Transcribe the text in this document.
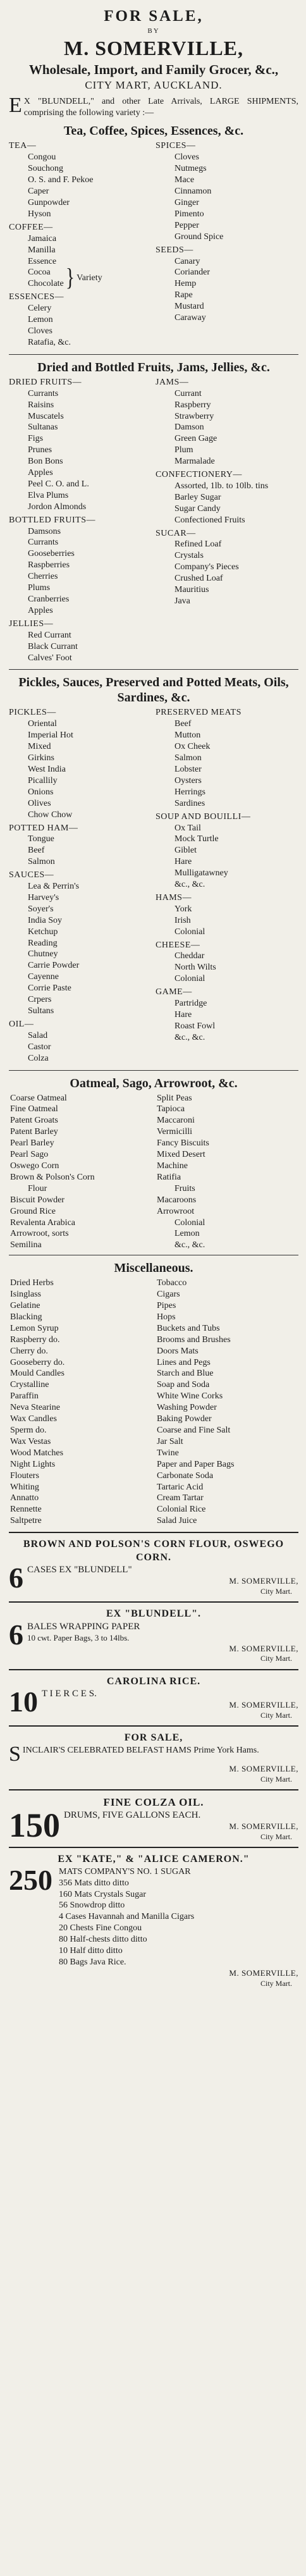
FOR SALE,
BY
M. SOMERVILLE,
Wholesale, Import, and Family Grocer, &c.,
CITY MART, AUCKLAND.
E X "BLUNDELL," and other Late Arrivals, LARGE SHIPMENTS, comprising the following variety :—
Tea, Coffee, Spices, Essences, &c.
TEA—
Congou
Souchong
O. S. and F. Pekoe
Caper
Gunpowder
Hyson
COFFEE—
Jamaica
Manilla
Essence
Cocoa
Chocolate } Variety
ESSENCES—
Celery
Lemon
Cloves
Ratafia, &c.
SPICES—
Cloves
Nutmegs
Mace
Cinnamon
Ginger
Pimento
Pepper
Ground Spice
SEEDS—
Canary
Coriander
Hemp
Rape
Mustard
Caraway
Dried and Bottled Fruits, Jams, Jellies, &c.
DRIED FRUITS—
Currants
Raisins
Muscatels
Sultanas
Figs
Prunes
Bon Bons
Apples
Peel C. O. and L.
Elva Plums
Jordon Almonds
BOTTLED FRUITS—
Damsons
Currants
Gooseberries
Raspberries
Cherries
Plums
Cranberries
Apples
JELLIES—
Red Currant
Black Currant
Calves' Foot
JAMS—
Currant
Raspberry
Strawberry
Damson
Green Gage
Plum
Marmalade
CONFECTIONERY—
Assorted, 1lb. to 10lb. tins
Barley Sugar
Sugar Candy
Confectioned Fruits
SUCAR—
Refined Loaf
Crystals
Company's Pieces
Crushed Loaf
Mauritius
Java
Pickles, Sauces, Preserved and Potted Meats, Oils, Sardines, &c.
PICKLES—
Oriental
Imperial Hot
Mixed
Girkins
West India
Picallily
Onions
Olives
Chow Chow
POTTED HAM—
Tongue
Beef
Salmon
SAUCES—
Lea & Perrin's
Harvey's
Soyer's
India Soy
Ketchup
Reading
Chutney
Carrie Powder
Cayenne
Corrie Paste
Crpers
Sultans
OIL—
Salad
Castor
Colza
PRESERVED MEATS
Beef
Mutton
Ox Cheek
Salmon
Lobster
Oysters
Herrings
Sardines
SOUP AND BOUILLI—
Ox Tail
Mock Turtle
Giblet
Hare
Mulligatawney
&c., &c.
HAMS—
York
Irish
Colonial
CHEESE—
Cheddar
North Wilts
Colonial
GAME—
Partridge
Hare
Roast Fowl
&c., &c.
Oatmeal, Sago, Arrowroot, &c.
Coarse Oatmeal
Fine Oatmeal
Patent Groats
Patent Barley
Pearl Barley
Pearl Sago
Oswego Corn
Brown & Polson's Corn
Flour
Biscuit Powder
Ground Rice
Revalenta Arabica
Arrowroot, sorts
Semilina
Split Peas
Tapioca
Maccaroni
Vermicilli
Fancy Biscuits
Mixed Desert
Machine
Ratifia
Fruits
Macaroons
Arrowroot
Colonial
Lemon
&c., &c.
Miscellaneous.
Dried Herbs
Isinglass
Gelatine
Blacking
Lemon Syrup
Raspberry do.
Cherry do.
Gooseberry do.
Mould Candles
Crystalline
Paraffin
Neva Stearine
Wax Candles
Sperm do.
Wax Vestas
Wood Matches
Night Lights
Flouters
Whiting
Annatto
Rennette
Saltpetre
Tobacco
Cigars
Pipes
Hops
Buckets and Tubs
Brooms and Brushes
Doors Mats
Lines and Pegs
Starch and Blue
Soap and Soda
White Wine Corks
Washing Powder
Baking Powder
Coarse and Fine Salt
Jar Salt
Twine
Paper and Paper Bags
Carbonate Soda
Tartaric Acid
Cream Tartar
Colonial Rice
Salad Juice
BROWN AND POLSON'S CORN FLOUR, OSWEGO CORN.
6 CASES EX "BLUNDELL"
M. SOMERVILLE,
City Mart.
EX "BLUNDELL".
6 BALES WRAPPING PAPER
10 cwt. Paper Bags, 3 to 14lbs.
M. SOMERVILLE,
City Mart.
CAROLINA RICE.
10 T I E R C E S.
M. SOMERVILLE,
City Mart.
FOR SALE,
SINCLAIR'S CELEBRATED BELFAST HAMS Prime York Hams.
M. SOMERVILLE,
City Mart.
FINE COLZA OIL.
150 DRUMS, FIVE GALLONS EACH.
M. SOMERVILLE,
City Mart.
EX "KATE," & "ALICE CAMERON."
250 MATS COMPANY'S NO. 1 SUGAR
356 Mats ditto ditto
160 Mats Crystals Sugar
56 Snowdrop ditto
4 Cases Havannah and Manilla Cigars
20 Chests Fine Congou
80 Half-chests ditto ditto
10 Half ditto ditto
80 Bags Java Rice.
M. SOMERVILLE,
City Mart.
